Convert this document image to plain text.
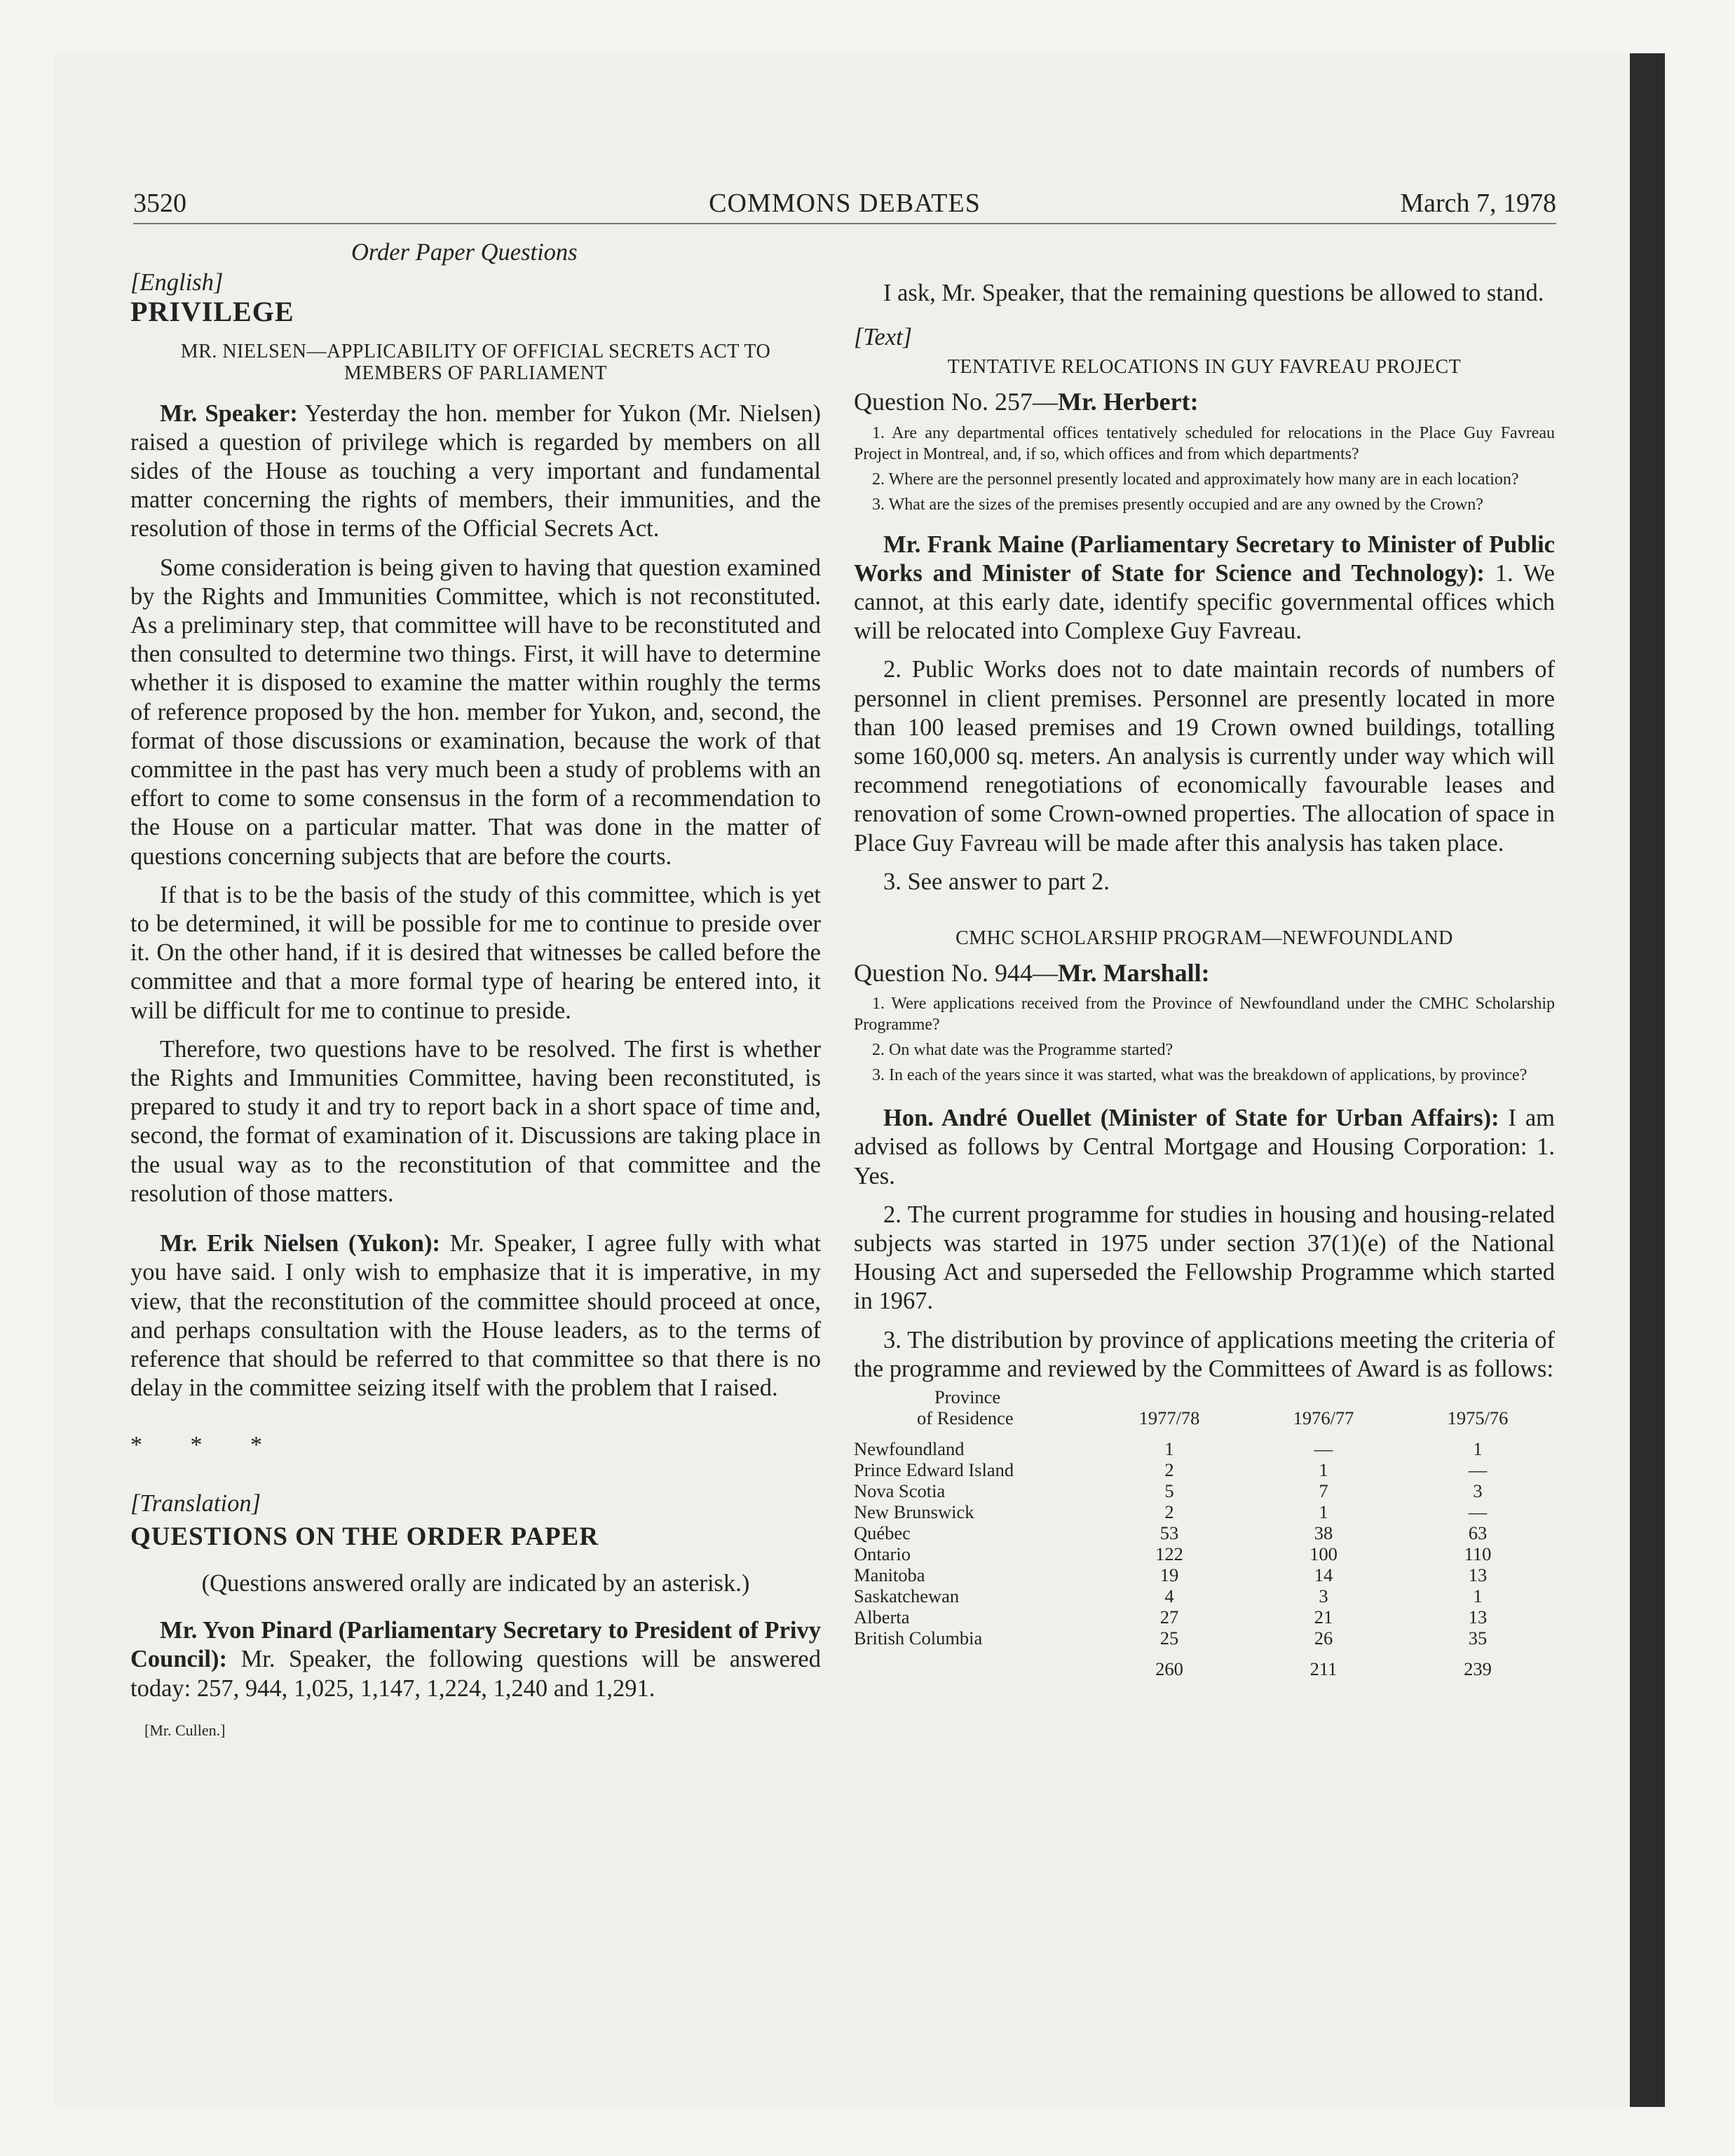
3520	COMMONS DEBATES	March 7, 1978

Order Paper Questions

[English]

PRIVILEGE

MR. NIELSEN—APPLICABILITY OF OFFICIAL SECRETS ACT TO MEMBERS OF PARLIAMENT

Mr. Speaker: Yesterday the hon. member for Yukon (Mr. Nielsen) raised a question of privilege which is regarded by members on all sides of the House as touching a very important and fundamental matter concerning the rights of members, their immunities, and the resolution of those in terms of the Official Secrets Act.

Some consideration is being given to having that question examined by the Rights and Immunities Committee, which is not reconstituted. As a preliminary step, that committee will have to be reconstituted and then consulted to determine two things. First, it will have to determine whether it is disposed to examine the matter within roughly the terms of reference proposed by the hon. member for Yukon, and, second, the format of those discussions or examination, because the work of that committee in the past has very much been a study of problems with an effort to come to some consensus in the form of a recommendation to the House on a particular matter. That was done in the matter of questions concerning subjects that are before the courts.

If that is to be the basis of the study of this committee, which is yet to be determined, it will be possible for me to continue to preside over it. On the other hand, if it is desired that witnesses be called before the committee and that a more formal type of hearing be entered into, it will be difficult for me to continue to preside.

Therefore, two questions have to be resolved. The first is whether the Rights and Immunities Committee, having been reconstituted, is prepared to study it and try to report back in a short space of time and, second, the format of examination of it. Discussions are taking place in the usual way as to the reconstitution of that committee and the resolution of those matters.

Mr. Erik Nielsen (Yukon): Mr. Speaker, I agree fully with what you have said. I only wish to emphasize that it is imperative, in my view, that the reconstitution of the committee should proceed at once, and perhaps consultation with the House leaders, as to the terms of reference that should be referred to that committee so that there is no delay in the committee seizing itself with the problem that I raised.

* * *

[Translation]

QUESTIONS ON THE ORDER PAPER

(Questions answered orally are indicated by an asterisk.)

Mr. Yvon Pinard (Parliamentary Secretary to President of Privy Council): Mr. Speaker, the following questions will be answered today: 257, 944, 1,025, 1,147, 1,224, 1,240 and 1,291.

[Mr. Cullen.]

I ask, Mr. Speaker, that the remaining questions be allowed to stand.

[Text]

TENTATIVE RELOCATIONS IN GUY FAVREAU PROJECT

Question No. 257—Mr. Herbert:

1. Are any departmental offices tentatively scheduled for relocations in the Place Guy Favreau Project in Montreal, and, if so, which offices and from which departments?

2. Where are the personnel presently located and approximately how many are in each location?

3. What are the sizes of the premises presently occupied and are any owned by the Crown?

Mr. Frank Maine (Parliamentary Secretary to Minister of Public Works and Minister of State for Science and Technology): 1. We cannot, at this early date, identify specific governmental offices which will be relocated into Complexe Guy Favreau.

2. Public Works does not to date maintain records of numbers of personnel in client premises. Personnel are presently located in more than 100 leased premises and 19 Crown owned buildings, totalling some 160,000 sq. meters. An analysis is currently under way which will recommend renegotiations of economically favourable leases and renovation of some Crown-owned properties. The allocation of space in Place Guy Favreau will be made after this analysis has taken place.

3. See answer to part 2.

CMHC SCHOLARSHIP PROGRAM—NEWFOUNDLAND

Question No. 944—Mr. Marshall:

1. Were applications received from the Province of Newfoundland under the CMHC Scholarship Programme?

2. On what date was the Programme started?

3. In each of the years since it was started, what was the breakdown of applications, by province?

Hon. André Ouellet (Minister of State for Urban Affairs): I am advised as follows by Central Mortgage and Housing Corporation: 1. Yes.

2. The current programme for studies in housing and housing-related subjects was started in 1975 under section 37(1)(e) of the National Housing Act and superseded the Fellowship Programme which started in 1967.

3. The distribution by province of applications meeting the criteria of the programme and reviewed by the Committees of Award is as follows:

Province
of Residence	1977/78	1976/77	1975/76

Newfoundland	1	—	1
Prince Edward Island	2	1	—
Nova Scotia	5	7	3
New Brunswick	2	1	—
Québec	53	38	63
Ontario	122	100	110
Manitoba	19	14	13
Saskatchewan	4	3	1
Alberta	27	21	13
British Columbia	25	26	35
	260	211	239
